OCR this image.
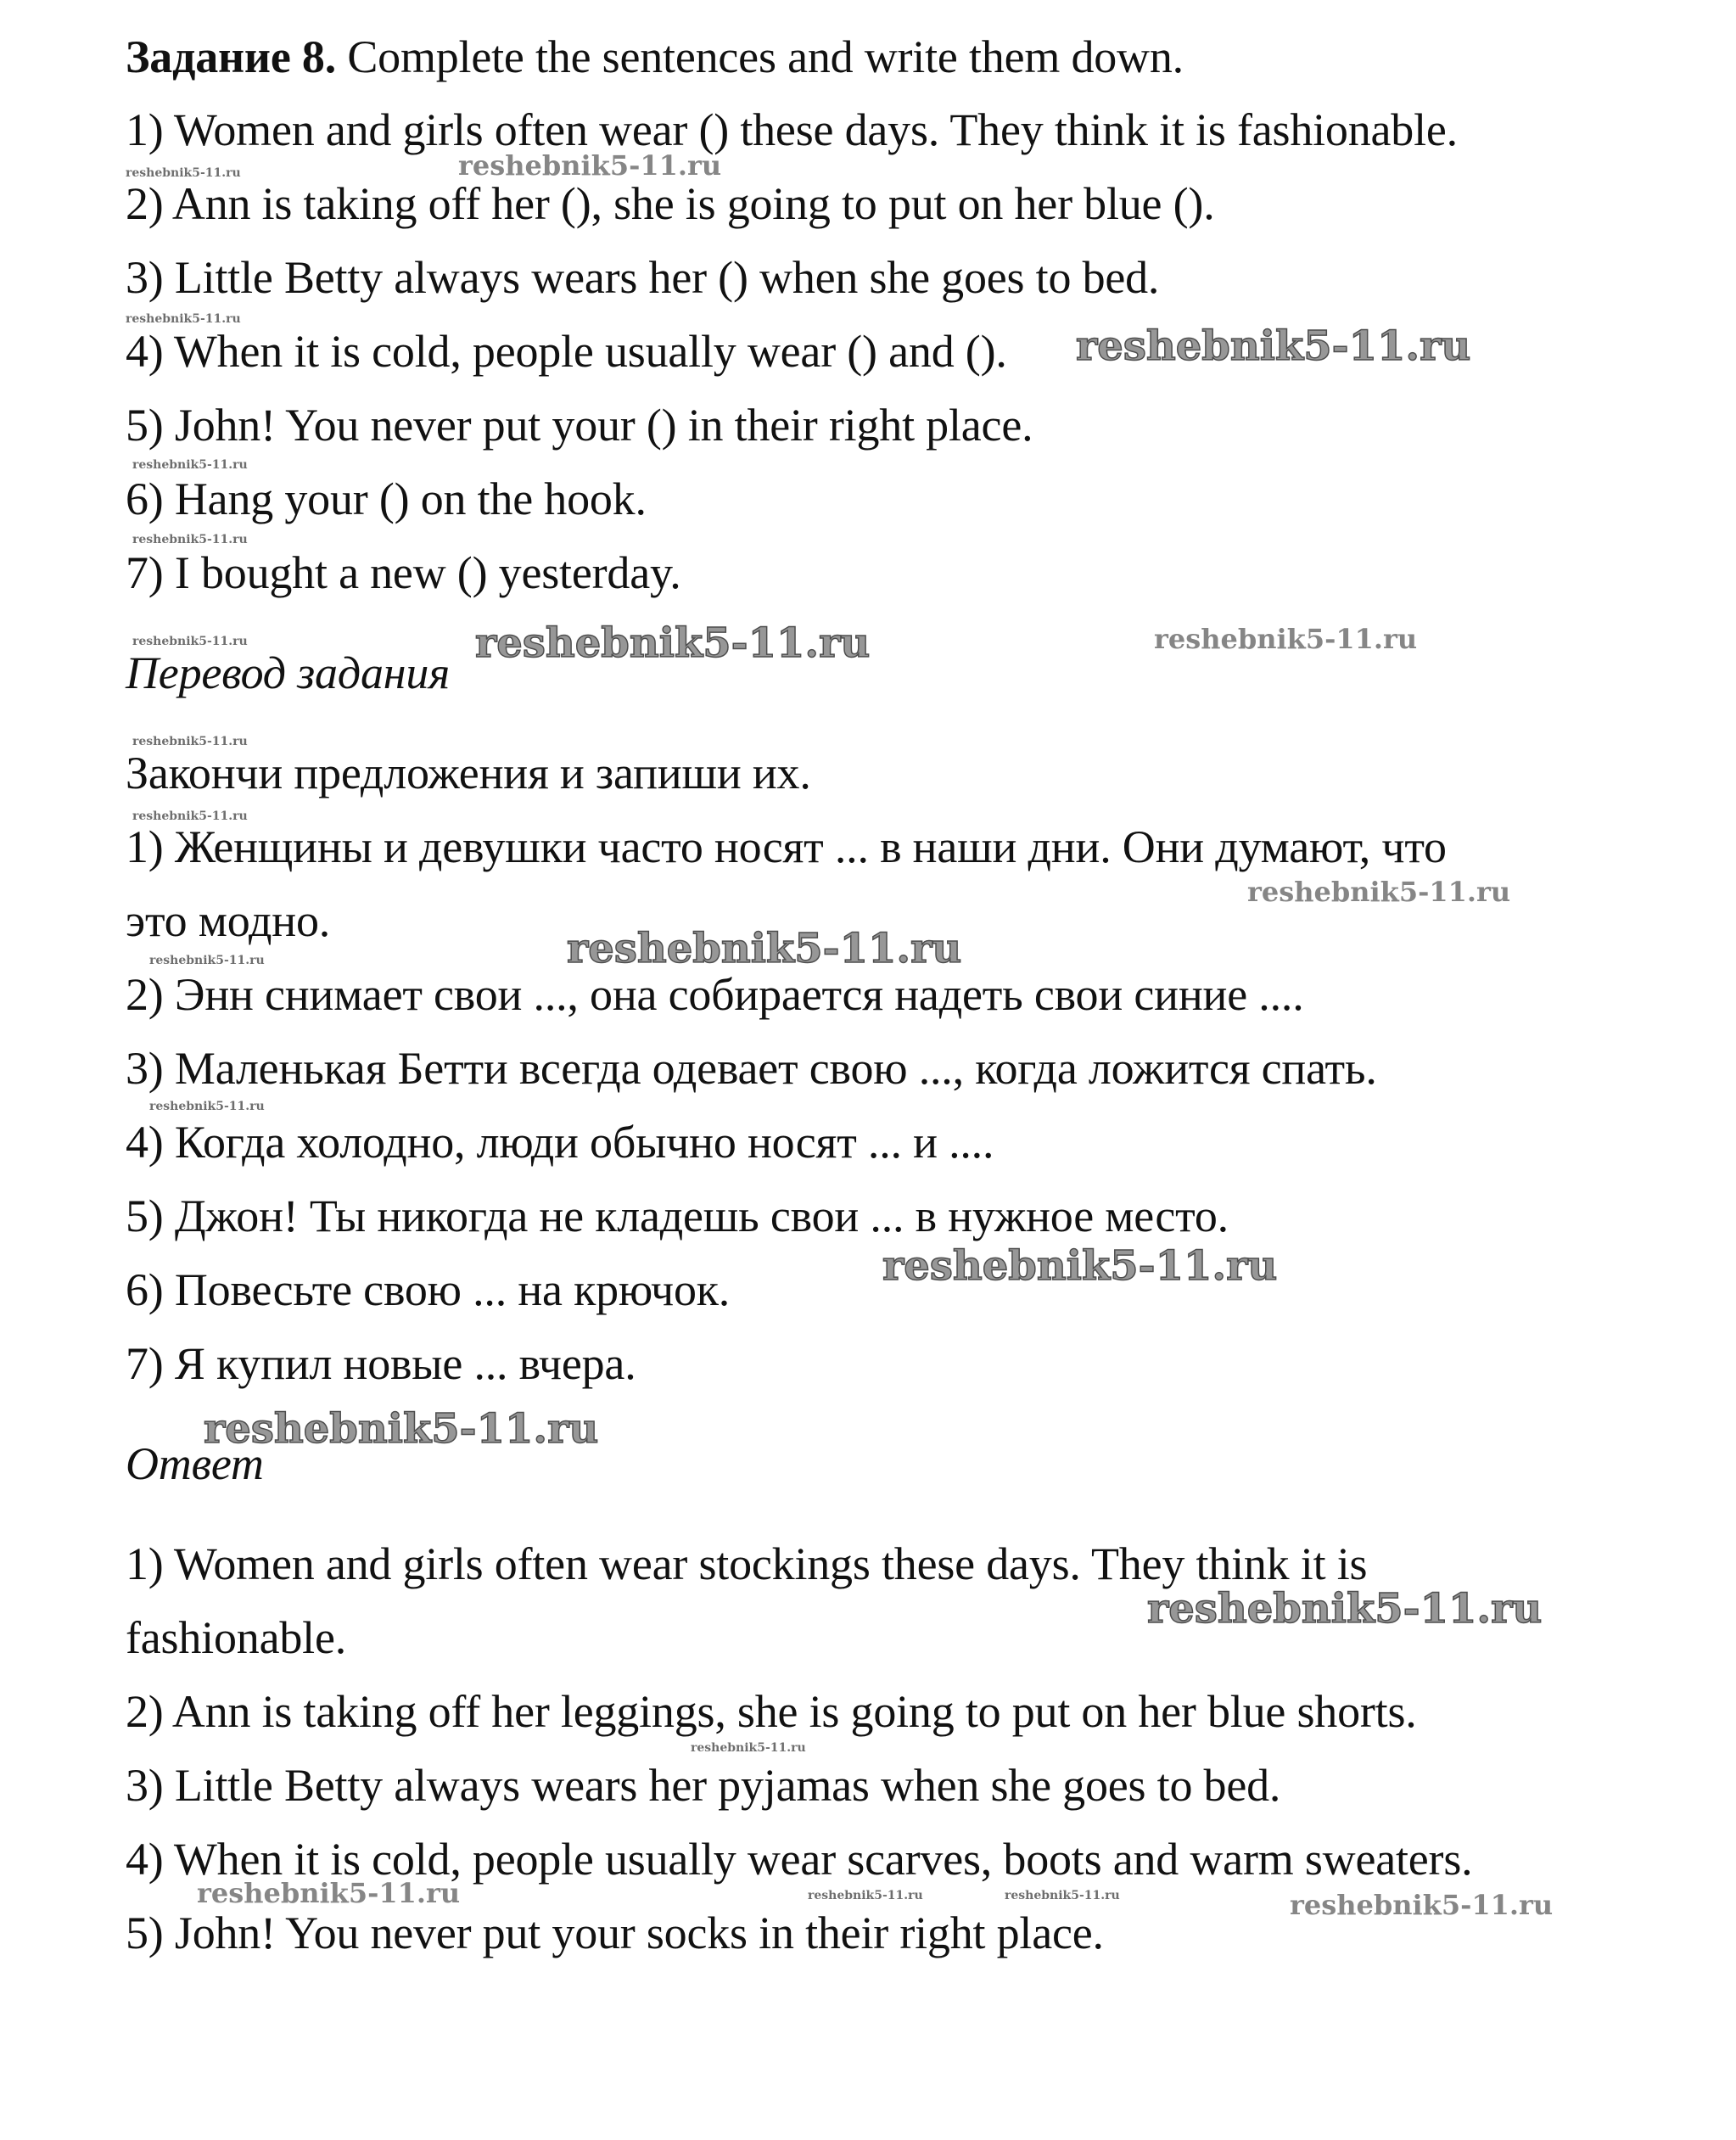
Задание 8. Complete the sentences and write them down.
1) Women and girls often wear () these days. They think it is fashionable.
2) Ann is taking off her (), she is going to put on her blue ().
3) Little Betty always wears her () when she goes to bed.
4) When it is cold, people usually wear () and ().
5) John! You never put your () in their right place.
6) Hang your () on the hook.
7) I bought a new () yesterday.
Перевод задания
Закончи предложения и запиши их.
1) Женщины и девушки часто носят ... в наши дни. Они думают, что
это модно.
2) Энн снимает свои ..., она собирается надеть свои синие ....
3) Маленькая Бетти всегда одевает свою ..., когда ложится спать.
4) Когда холодно, люди обычно носят ... и ....
5) Джон! Ты никогда не кладешь свои ... в нужное место.
6) Повесьте свою ... на крючок.
7) Я купил новые ... вчера.
Ответ
1) Women and girls often wear stockings these days. They think it is
fashionable.
2) Ann is taking off her leggings, she is going to put on her blue shorts.
3) Little Betty always wears her pyjamas when she goes to bed.
4) When it is cold, people usually wear scarves, boots and warm sweaters.
5) John! You never put your socks in their right place.
reshebnik5-11.ru	reshebnik5-11.ru
reshebnik5-11.ru
reshebnik5-11.ru
reshebnik5-11.ru
reshebnik5-11.ru
reshebnik5-11.ru	reshebnik5-11.ru	reshebnik5-11.ru
reshebnik5-11.ru
reshebnik5-11.ru
reshebnik5-11.ru
reshebnik5-11.ru
reshebnik5-11.ru
reshebnik5-11.ru
reshebnik5-11.ru
reshebnik5-11.ru
reshebnik5-11.ru
reshebnik5-11.ru
reshebnik5-11.ru	reshebnik5-11.ru	reshebnik5-11.ru	reshebnik5-11.ru
